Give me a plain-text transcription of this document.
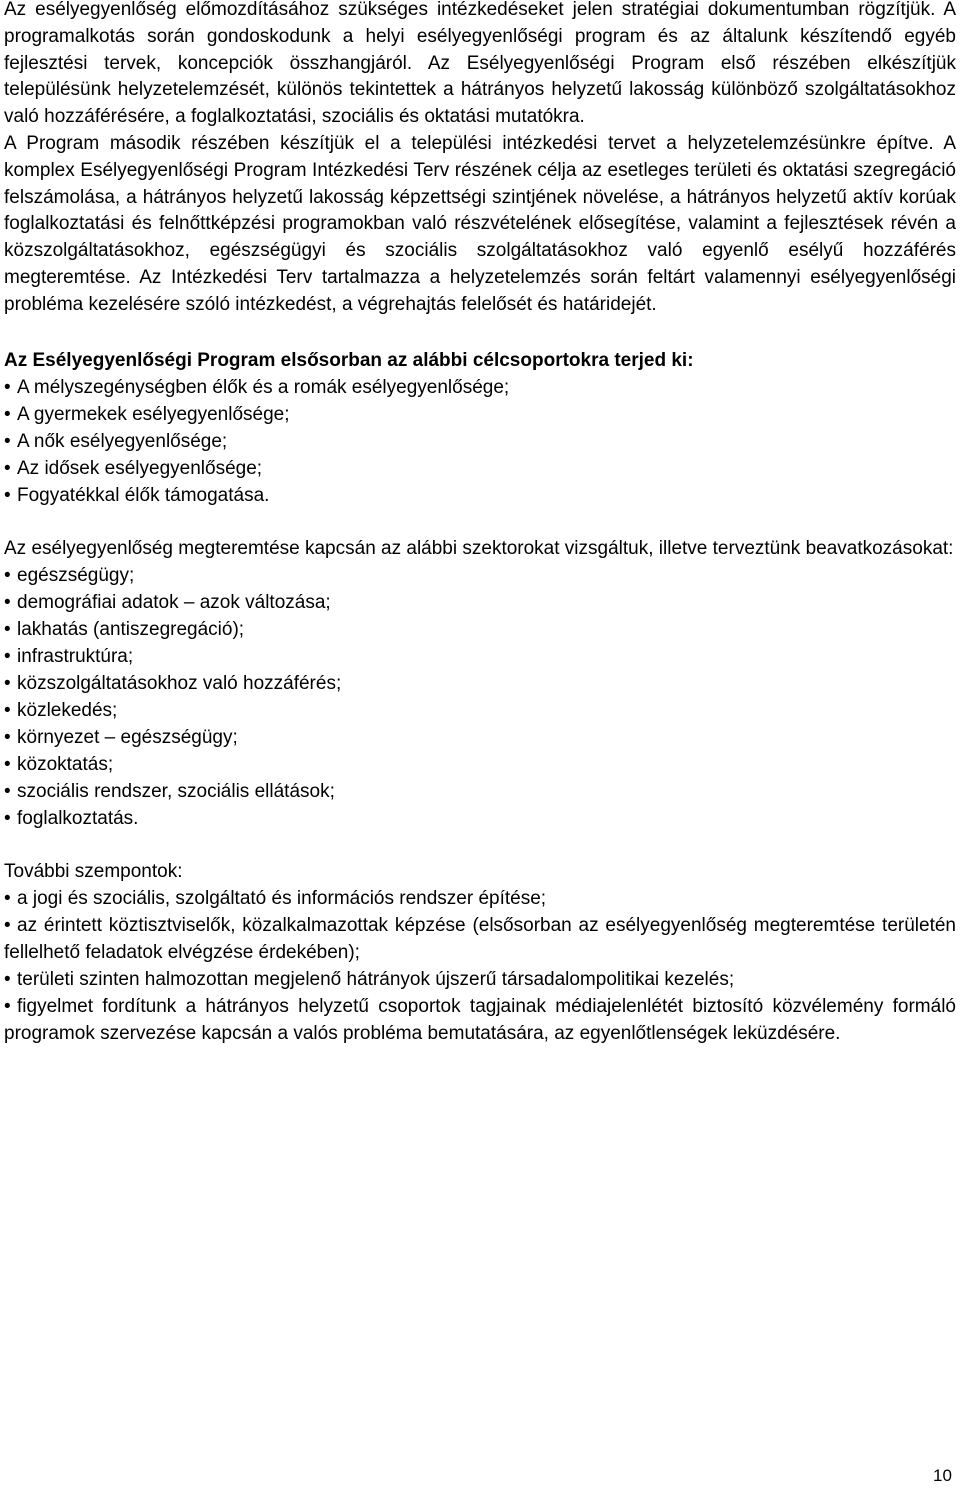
Az esélyegyenlőség előmozdításához szükséges intézkedéseket jelen stratégiai dokumentumban rögzítjük. A programalkotás során gondoskodunk a helyi esélyegyenlőségi program és az általunk készítendő egyéb fejlesztési tervek, koncepciók összhangjáról. Az Esélyegyenlőségi Program első részében elkészítjük településünk helyzetelemzését, különös tekintettek a hátrányos helyzetű lakosság különböző szolgáltatásokhoz való hozzáférésére, a foglalkoztatási, szociális és oktatási mutatókra.

A Program második részében készítjük el a települési intézkedési tervet a helyzetelemzésünkre építve. A komplex Esélyegyenlőségi Program Intézkedési Terv részének célja az esetleges területi és oktatási szegregáció felszámolása, a hátrányos helyzetű lakosság képzettségi szintjének növelése, a hátrányos helyzetű aktív korúak foglalkoztatási és felnőttképzési programokban való részvételének elősegítése, valamint a fejlesztések révén a közszolgáltatásokhoz, egészségügyi és szociális szolgáltatásokhoz való egyenlő esélyű hozzáférés megteremtése. Az Intézkedési Terv tartalmazza a helyzetelemzés során feltárt valamennyi esélyegyenlőségi probléma kezelésére szóló intézkedést, a végrehajtás felelősét és határidejét.

Az Esélyegyenlőségi Program elsősorban az alábbi célcsoportokra terjed ki:

• A mélyszegénységben élők és a romák esélyegyenlősége;
• A gyermekek esélyegyenlősége;
• A nők esélyegyenlősége;
• Az idősek esélyegyenlősége;
• Fogyatékkal élők támogatása.

Az esélyegyenlőség megteremtése kapcsán az alábbi szektorokat vizsgáltuk, illetve terveztünk beavatkozásokat:

• egészségügy;
• demográfiai adatok – azok változása;
• lakhatás (antiszegregáció);
• infrastruktúra;
• közszolgáltatásokhoz való hozzáférés;
• közlekedés;
• környezet – egészségügy;
• közoktatás;
• szociális rendszer, szociális ellátások;
• foglalkoztatás.

További szempontok:

• a jogi és szociális, szolgáltató és információs rendszer építése;
• az érintett köztisztviselők, közalkalmazottak képzése (elsősorban az esélyegyenlőség megteremtése területén fellelhető feladatok elvégzése érdekében);
• területi szinten halmozottan megjelenő hátrányok újszerű társadalompolitikai kezelés;
• figyelmet fordítunk a hátrányos helyzetű csoportok tagjainak médiajelenlétét biztosító közvélemény formáló programok szervezése kapcsán a valós probléma bemutatására, az egyenlőtlenségek leküzdésére.
10
